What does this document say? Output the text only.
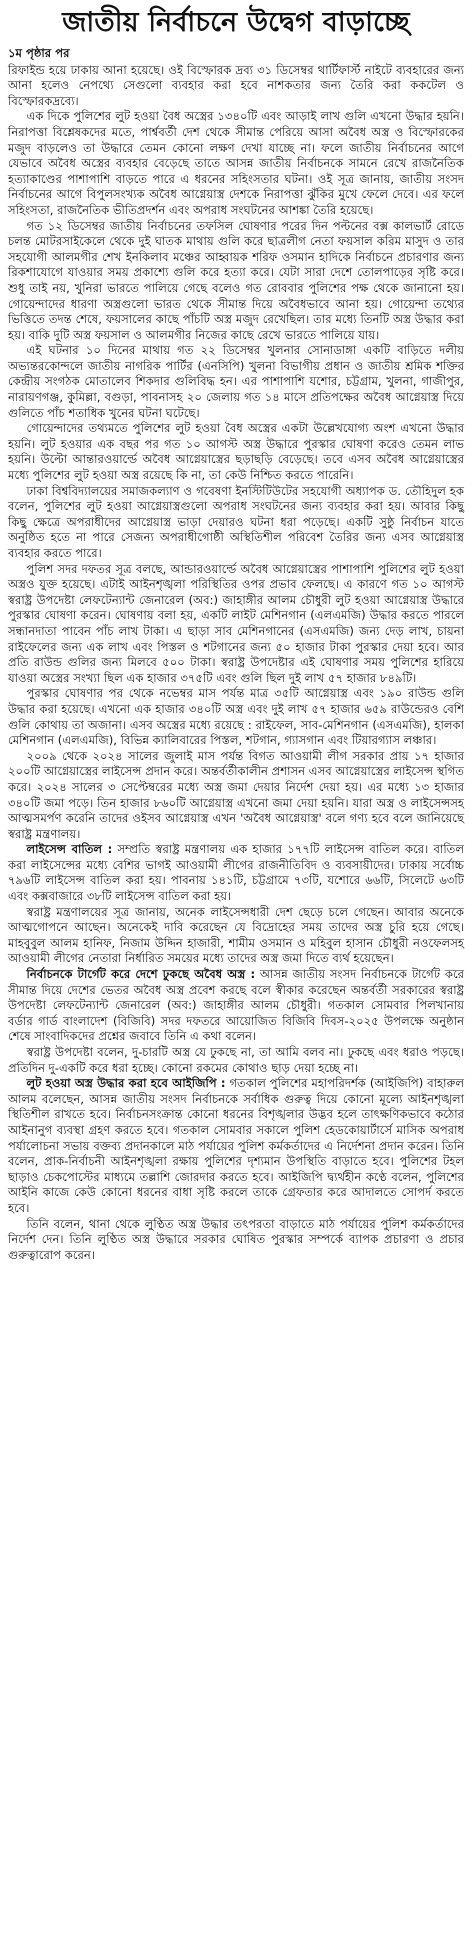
জাতীয় নির্বাচনে উদ্বেগ বাড়াচ্ছে
১ম পৃষ্ঠার পর

রিফাইন্ড হয়ে ঢাকায় আনা হয়েছে। ওই বিস্ফোরক দ্রব্য ৩১ ডিসেম্বর থার্টিফার্স্ট নাইটে ব্যবহারের জন্য আনা হলেও নেপথ্যে সেগুলো ব্যবহার করা হবে নাশকতার জন্য তৈরি করা ককটেল ও বিস্ফোরকদ্রব্যে।

এক দিকে পুলিশের লুট হওয়া বৈধ অস্ত্রের ১৩৪০টি এবং আড়াই লাখ গুলি এখনো উদ্ধার হয়নি। নিরাপত্তা বিশ্লেষকদের মতে, পার্শ্ববর্তী দেশ থেকে সীমান্ত পেরিয়ে আসা অবৈধ অস্ত্র ও বিস্ফোরকের মজুদ বাড়লেও তা উদ্ধারে তেমন কোনো লক্ষণ দেখা যাচ্ছে না। ফলে জাতীয় নির্বাচনের আগে যেভাবে অবৈধ অস্ত্রের ব্যবহার বেড়েছে তাতে আসন্ন জাতীয় নির্বাচনকে সামনে রেখে রাজনৈতিক হত্যাকাণ্ডের পাশাপাশি বাড়তে পারে এ ধরনের সহিংসতার ঘটনা। ওই সূত্র জানায়, জাতীয় সংসদ নির্বাচনের আগে বিপুলসংখ্যক অবৈধ আগ্নেয়াস্ত্র দেশকে নিরাপত্তা ঝুঁকির মুখে ফেলে দেবে। এর ফলে সহিংসতা, রাজনৈতিক ভীতিপ্রদর্শন এবং অপরাধ সংঘটনের আশঙ্কা তৈরি হয়েছে।

গত ১২ ডিসেম্বর জাতীয় নির্বাচনের তফসিল ঘোষণার পরের দিন পল্টনের বক্স কালভার্ট রোডে চলন্ত মোটরসাইকেলে থেকে দুই ঘাতক মাথায় গুলি করে ছাত্রলীগ নেতা ফয়সাল করিম মাসুদ ও তার সহযোগী আলমগীর শেখ ইনকিলাব মঞ্চের আহ্বায়ক শরিফ ওসমান হাদিকে নির্বাচনে প্রচারণার জন্য রিকশাযোগে যাওয়ার সময় প্রকাশ্যে গুলি করে হত্যা করে। যেটা সারা দেশে তোলপাড়ের সৃষ্টি করে। শুধু তাই নয়, খুনিরা ভারতে পালিয়ে গেছে বলেও গত রোববার পুলিশের পক্ষ থেকে জানানো হয়। গোয়েন্দাদের ধারণা অস্ত্রগুলো ভারত থেকে সীমান্ত দিয়ে অবৈধভাবে আনা হয়। গোয়েন্দা তথ্যের ভিত্তিতে তদন্ত শেষে, ফয়সালের কাছে পাঁচটি অস্ত্র মজুদ রেখেছিল। তার মধ্যে তিনটি অস্ত্র উদ্ধার করা হয়। বাকি দুটি অস্ত্র ফয়সাল ও আলমগীর নিজের কাছে রেখে ভারতে পালিয়ে যায়।

এই ঘটনার ১০ দিনের মাথায় গত ২২ ডিসেম্বর খুলনার সোনাডাঙ্গা একটি বাড়িতে দলীয় অভ্যন্তরকোন্দলে জাতীয় নাগরিক পার্টির (এনসিপি) খুলনা বিভাগীয় প্রধান ও জাতীয় শ্রমিক শক্তির কেন্দ্রীয় সংগঠক মোতালেব শিকদার গুলিবিদ্ধ হন। এর পাশাপাশি যশোর, চট্টগ্রাম, খুলনা, গাজীপুর, নারায়ণগঞ্জ, কুমিল্লা, বগুড়া, পাবনাসহ ২০ জেলায় গত ১৪ মাসে প্রতিপক্ষের অবৈধ আগ্নেয়াস্ত্র দিয়ে গুলিতে পাঁচ শতাধিক খুনের ঘটনা ঘটেছে।

গোয়েন্দাদের তথ্যমতে পুলিশের লুট হওয়া বৈধ অস্ত্রের একটা উল্লেখযোগ্য অংশ এখনো উদ্ধার হয়নি। লুট হওয়ার এক বছর পর গত ১০ আগস্ট অস্ত্র উদ্ধারে পুরস্কার ঘোষণা করেও তেমন লাভ হয়নি। উল্টো আন্তারওয়ার্ল্ডে অবৈধ আগ্নেয়াস্ত্রের ছড়াছড়ি বেড়েছে। তবে এসব অবৈধ আগ্নেয়াস্ত্রের মধ্যে পুলিশের লুট হওয়া অস্ত্র রয়েছে কি না, তা কেউ নিশ্চিত করতে পারেনি।

ঢাকা বিশ্ববিদ্যালয়ের সমাজকল্যাণ ও গবেষণা ইনস্টিটিউটের সহযোগী অধ্যাপক ড. তৌহিদুল হক বলেন, পুলিশের লুট হওয়া আগ্নেয়াস্ত্রগুলো অপরাধ সংঘটনের জন্য ব্যবহার করা হয়। আবার কিছু কিছু ক্ষেত্রে অপরাধীদের আগ্নেয়াস্ত্র ভাড়া দেয়ারও ঘটনা ধরা পড়েছে। একটি সুষ্ঠু নির্বাচন যাতে অনুষ্ঠিত হতে না পারে সেজন্য অপরাধীগোষ্ঠী অস্থিতিশীল পরিবেশ তৈরির জন্য এসব আগ্নেয়াস্ত্র ব্যবহার করতে পারে।

পুলিশ সদর দফতর সূত্র বলছে, আন্ডারওয়ার্ল্ডে অবৈধ আগ্নেয়াস্ত্রের পাশাপাশি পুলিশের লুট হওয়া অস্ত্রও যুক্ত হয়েছে। এটাই আইনশৃঙ্খলা পরিস্থিতির ওপর প্রভাব ফেলছে। এ কারণে গত ১০ আগস্ট স্বরাষ্ট্র উপদেষ্টা লেফটেন্যান্ট জেনারেল (অব:) জাহাঙ্গীর আলম চৌধুরী লুট হওয়া আগ্নেয়াস্ত্র উদ্ধারে পুরস্কার ঘোষণা করেন। ঘোষণায় বলা হয়, একটি লাইট মেশিনগান (এলএমজি) উদ্ধার করতে পারলে সন্ধানদাতা পাবেন পাঁচ লাখ টাকা। এ ছাড়া সাব মেশিনগানের (এসএমজি) জন্য দেড় লাখ, চায়না রাইফেলের জন্য এক লাখ এবং পিস্তল ও শটগানের জন্য ৫০ হাজার টাকা পুরস্কার দেয়া হবে। আর প্রতি রাউন্ড গুলির জন্য মিলবে ৫০০ টাকা। স্বরাষ্ট্র উপদেষ্টার এই ঘোষণার সময় পুলিশের হারিয়ে যাওয়া অস্ত্রের সংখ্যা ছিল এক হাজার ৩৭৫টি এবং গুলি ছিল দুই লাখ ৫৭ হাজার ৮৪৯টি।

পুরস্কার ঘোষণার পর থেকে নভেম্বর মাস পর্যন্ত মাত্র ৩৫টি আগ্নেয়াস্ত্র এবং ১৯০ রাউন্ড গুলি উদ্ধার করা হয়েছে। এখনো এক হাজার ৩৪০টি অস্ত্র এবং দুই লাখ ৫৭ হাজার ৬৫৯ রাউন্ডেরও বেশি গুলি কোথায় তা অজানা। এসব অস্ত্রের মধ্যে রয়েছে : রাইফেল, সাব-মেশিনগান (এসএমজি), হালকা মেশিনগান (এলএমজি), বিভিন্ন ক্যালিবারের পিস্তল, শটগান, গ্যাসগান এবং টিয়ারগ্যাস লঞ্চার।

২০০৯ থেকে ২০২৪ সালের জুলাই মাস পর্যন্ত বিগত আওয়ামী লীগ সরকার প্রায় ১৭ হাজার ২০০টি আগ্নেয়াস্ত্রের লাইসেন্স প্রদান করে। অন্তর্বর্তীকালীন প্রশাসন এসব আগ্নেয়াস্ত্রের লাইসেন্স স্থগিত করে। ২০২৪ সালের ৩ সেপ্টেম্বরের মধ্যে অস্ত্র জমা দেয়ার নির্দেশ দেয়া হয়। এর মধ্যে ১৩ হাজার ৩৪০টি জমা পড়ে। তিন হাজার ৮৬০টি আগ্নেয়াস্ত্র এখনো জমা দেয়া হয়নি। যারা অস্ত্র ও লাইসেন্সসহ আত্মসমর্পণ করেনি তাদের ওইসব আগ্নেয়াস্ত্র এখন 'অবৈধ আগ্নেয়াস্ত্র' বলে গণ্য হবে বলে জানিয়েছে স্বরাষ্ট্র মন্ত্রণালয়।

লাইসেন্স বাতিল : সম্প্রতি স্বরাষ্ট্র মন্ত্রণালয় এক হাজার ১৭৭টি লাইসেন্স বাতিল করে। বাতিল করা লাইসেন্সের মধ্যে বেশির ভাগই আওয়ামী লীগের রাজনীতিবিদ ও ব্যবসায়ীদের। ঢাকায় সর্বোচ্চ ৭৯৬টি লাইসেন্স বাতিল করা হয়। পাবনায় ১৪১টি, চট্টগ্রামে ৭৩টি, যশোরে ৬৬টি, সিলেটে ৬৩টি এবং কক্সবাজারে ৩৮টি লাইসেন্স বাতিল করা হয়।

স্বরাষ্ট্র মন্ত্রণালয়ের সূত্র জানায়, অনেক লাইসেন্সধারী দেশ ছেড়ে চলে গেছেন। আবার অনেকে আত্মগোপনে আছেন। অনেকেই দাবি করেছেন যে বিদ্রোহের সময় তাদের অস্ত্র চুরি হয়ে গেছে। মাহবুবুল আলম হানিফ, নিজাম উদ্দিন হাজারী, শামীম ওসমান ও মহিবুল হাসান চৌধুরী নওফেলসহ আওয়ামী লীগের নেতারা নির্ধারিত সময়ের মধ্যে তাদের অস্ত্র জমা দিতে ব্যর্থ হয়েছেন।

নির্বাচনকে টার্গেট করে দেশে ঢুকছে অবৈধ অস্ত্র : আসন্ন জাতীয় সংসদ নির্বাচনকে টার্গেট করে সীমান্ত দিয়ে দেশের ভেতর অবৈধ অস্ত্র প্রবেশ করছে বলে স্বীকার করেছেন অন্তর্বর্তী সরকারের স্বরাষ্ট্র উপদেষ্টা লেফটেন্যান্ট জেনারেল (অব:) জাহাঙ্গীর আলম চৌধুরী। গতকাল সোমবার পিলখানায় বর্ডার গার্ড বাংলাদেশ (বিজিবি) সদর দফতরে আয়োজিত বিজিবি দিবস-২০২৫ উপলক্ষে অনুষ্ঠান শেষে সাংবাদিকদের প্রশ্নের জবাবে তিনি এ কথা বলেন।

স্বরাষ্ট্র উপদেষ্টা বলেন, দু-চারটি অস্ত্র যে ঢুকছে না, তা আমি বলব না। ঢুকছে এবং ধরাও পড়ছে। প্রতিদিন দু-একটি করে ধরা হচ্ছে। কোনো রকমের কোথাও ছাড় দেয়া হচ্ছে না।

লুট হওয়া অস্ত্র উদ্ধার করা হবে আইজিপি : গতকাল পুলিশের মহাপরিদর্শক (আইজিপি) বাহারুল আলম বলেছেন, আসন্ন জাতীয় সংসদ নির্বাচনকে সর্বাধিক গুরুত্ব দিয়ে কোনো মূল্যে আইনশৃঙ্খলা স্থিতিশীল রাখতে হবে। নির্বাচনসংক্রান্ত কোনো ধরনের বিশৃঙ্খলার উদ্ভব হলে তাৎক্ষণিকভাবে কঠোর আইনানুগ ব্যবস্থা গ্রহণ করতে হবে। গতকাল সোমবার সকালে পুলিশ হেডকোয়ার্টার্সে মাসিক অপরাধ পর্যালোচনা সভায় বক্তব্য প্রদানকালে মাঠ পর্যায়ের পুলিশ কর্মকর্তাদের এ নির্দেশনা প্রদান করেন। তিনি বলেন, প্রাক-নির্বাচনী আইনশৃঙ্খলা রক্ষায় পুলিশের দৃশ্যমান উপস্থিতি বাড়াতে হবে। পুলিশের টহল ছাড়াও চেকপোস্টের মাধ্যমে তল্লাশি জোরদার করতে হবে। আইজিপি দ্ব্যর্থহীন কণ্ঠে বলেন, পুলিশের আইনি কাজে কেউ কোনো ধরনের বাধা সৃষ্টি করলে তাকে গ্রেফতার করে আদালতে সোপর্দ করতে হবে।

তিনি বলেন, থানা থেকে লুণ্ঠিত অস্ত্র উদ্ধার তৎপরতা বাড়াতে মাঠ পর্যায়ের পুলিশ কর্মকর্তাদের নির্দেশ দেন। তিনি লুণ্ঠিত অস্ত্র উদ্ধারে সরকার ঘোষিত পুরস্কার সম্পর্কে ব্যাপক প্রচারণা ও প্রচার গুরুত্বারোপ করেন।
